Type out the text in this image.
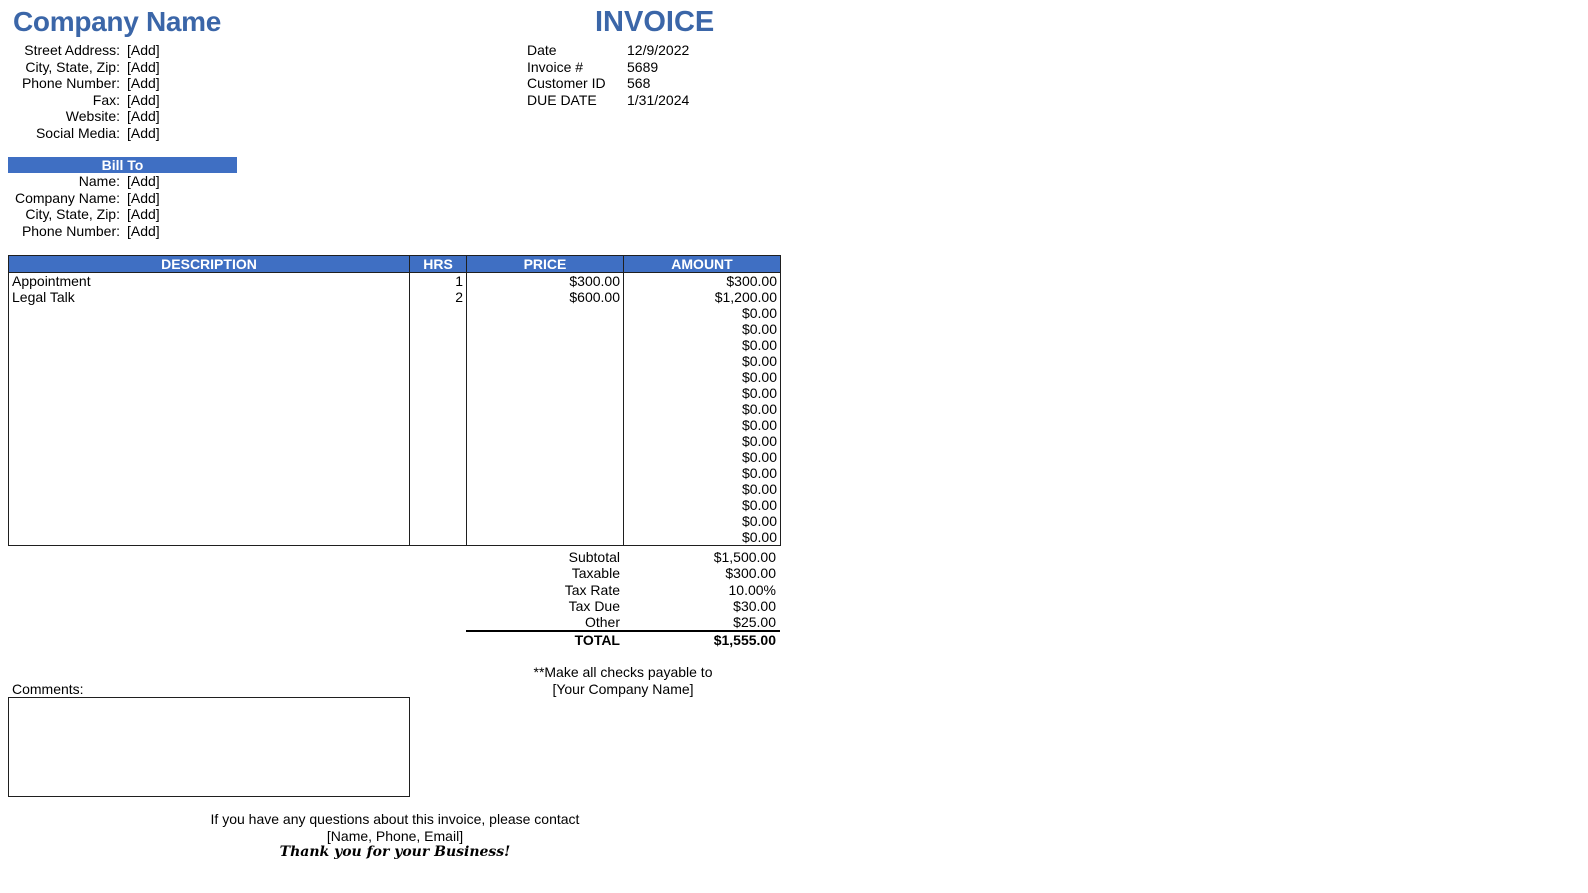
Company Name	INVOICE
Street Address: [Add]
City, State, Zip: [Add]
Phone Number: [Add]
Fax: [Add]
Website: [Add]
Social Media: [Add]
Date	12/9/2022
Invoice #	5689
Customer ID 568
DUE DATE 1/31/2024
Bill To
Name: [Add]
Company Name: [Add]
City, State, Zip: [Add]
Phone Number: [Add]
DESCRIPTION	HRS	PRICE	AMOUNT
Appointment	1	$300.00	$300.00
Legal Talk	2	$600.00	$1,200.00
			$0.00
			$0.00
			$0.00
			$0.00
			$0.00
			$0.00
			$0.00
			$0.00
			$0.00
			$0.00
			$0.00
			$0.00
			$0.00
			$0.00
			$0.00
Subtotal	$1,500.00
Taxable	$300.00
Tax Rate	10.00%
Tax Due	$30.00
Other	$25.00
TOTAL	$1,555.00
**Make all checks payable to
[Your Company Name]
Comments:
If you have any questions about this invoice, please contact
[Name, Phone, Email]
Thank you for your Business!
